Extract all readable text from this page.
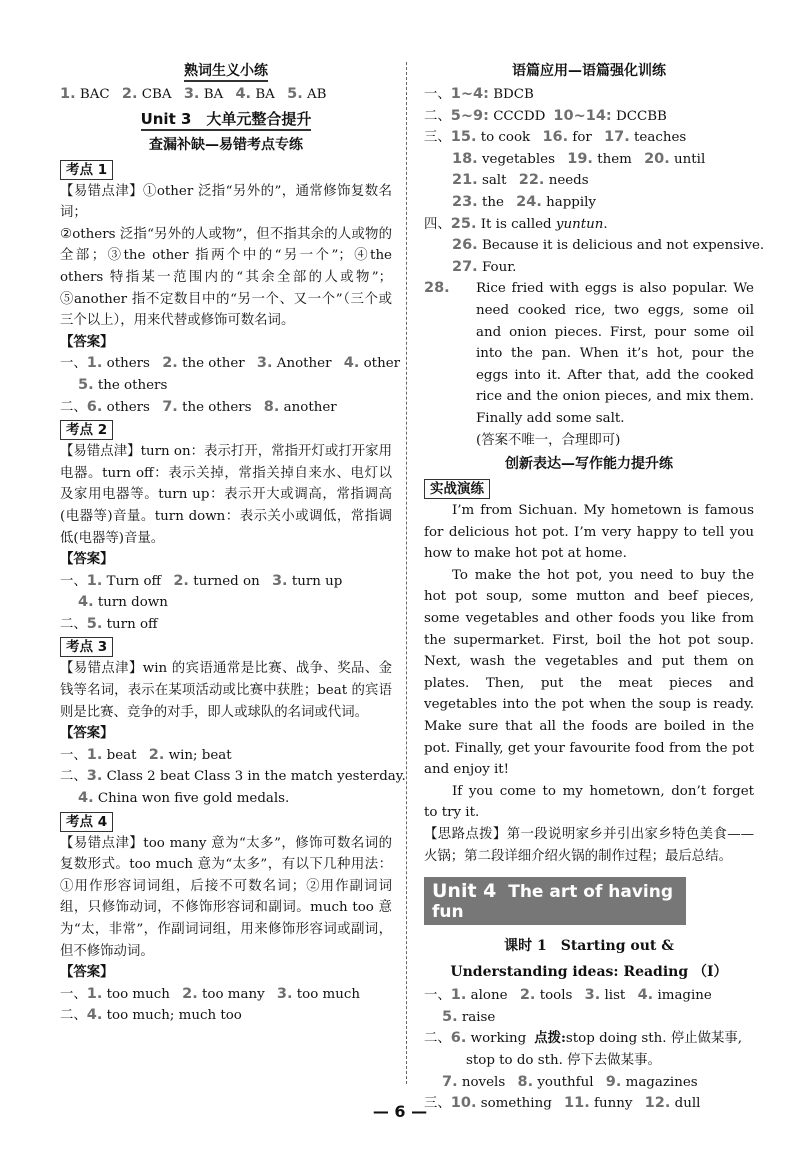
熟词生义小练
1. BAC 2. CBA 3. BA 4. BA 5. AB
Unit 3　大单元整合提升
查漏补缺—易错考点专练
考点 1
【易错点津】①other 泛指“另外的”，通常修饰复数名词；
②others 泛指“另外的人或物”，但不指其余的人或物的全部；③the other 指两个中的“另一个”；④the others 特指某一范围内的“其余全部的人或物”；⑤another 指不定数目中的“另一个、又一个”（三个或三个以上），用来代替或修饰可数名词。
【答案】
一、1. others 2. the other 3. Another 4. other
5. the others
二、6. others 7. the others 8. another
考点 2
【易错点津】turn on：表示打开，常指开灯或打开家用电器。turn off：表示关掉，常指关掉自来水、电灯以及家用电器等。turn up：表示开大或调高，常指调高(电器等)音量。turn down：表示关小或调低，常指调低(电器等)音量。
【答案】
一、1. Turn off 2. turned on 3. turn up
4. turn down
二、5. turn off
考点 3
【易错点津】win 的宾语通常是比赛、战争、奖品、金钱等名词，表示在某项活动或比赛中获胜；beat 的宾语则是比赛、竞争的对手，即人或球队的名词或代词。
【答案】
一、1. beat 2. win; beat
二、3. Class 2 beat Class 3 in the match yesterday.
4. China won five gold medals.
考点 4
【易错点津】too many 意为“太多”，修饰可数名词的复数形式。too much 意为“太多”，有以下几种用法：①用作形容词词组，后接不可数名词；②用作副词词组，只修饰动词，不修饰形容词和副词。much too 意为“太，非常”，作副词词组，用来修饰形容词或副词，但不修饰动词。
【答案】
一、1. too much 2. too many 3. too much
二、4. too much; much too
语篇应用—语篇强化训练
一、1~4: BDCB
二、5~9: CCCDD 10~14: DCCBB
三、15. to cook 16. for 17. teaches
18. vegetables 19. them 20. until
21. salt 22. needs
23. the 24. happily
四、25. It is called yuntun.
26. Because it is delicious and not expensive.
27. Four.
28.	Rice fried with eggs is also popular. We need cooked rice, two eggs, some oil and onion pieces. First, pour some oil into the pan. When it’s hot, pour the eggs into it. After that, add the cooked rice and the onion pieces, and mix them. Finally add some salt.
(答案不唯一，合理即可)
创新表达—写作能力提升练
实战演练
I’m from Sichuan. My hometown is famous for delicious hot pot. I’m very happy to tell you how to make hot pot at home.
To make the hot pot, you need to buy the hot pot soup, some mutton and beef pieces, some vegetables and other foods you like from the supermarket. First, boil the hot pot soup. Next, wash the vegetables and put them on plates. Then, put the meat pieces and vegetables into the pot when the soup is ready. Make sure that all the foods are boiled in the pot. Finally, get your favourite food from the pot and enjoy it!
If you come to my hometown, don’t forget to try it.
【思路点拨】第一段说明家乡并引出家乡特色美食——火锅；第二段详细介绍火锅的制作过程；最后总结。
Unit 4 The art of having fun
课时 1　Starting out &
Understanding ideas: Reading （Ⅰ）
一、1. alone 2. tools 3. list 4. imagine
5. raise
二、6. working 点拨:stop doing sth. 停止做某事,
stop to do sth. 停下去做某事。
7. novels 8. youthful 9. magazines
三、10. something 11. funny 12. dull
— 6 —
